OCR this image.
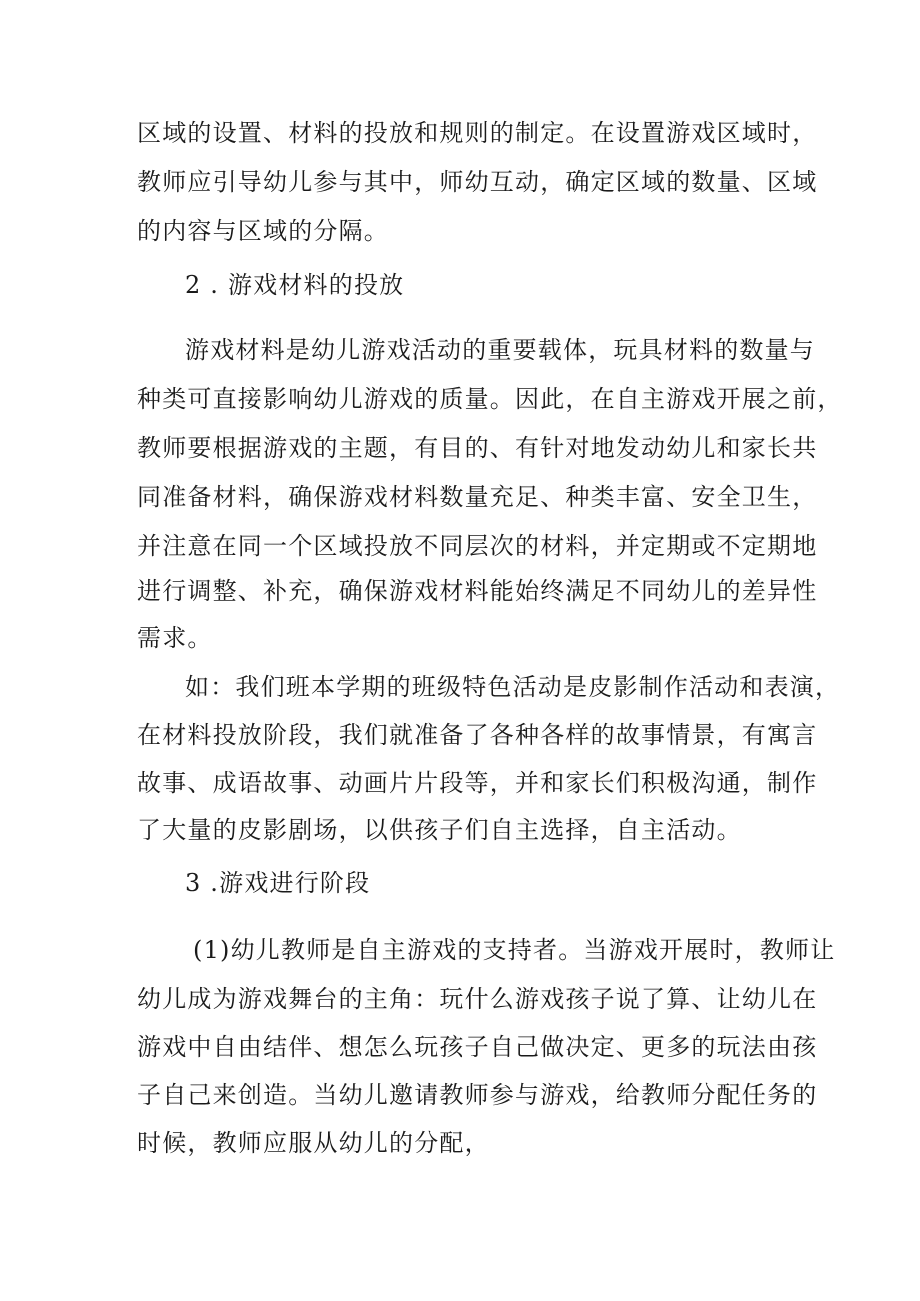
区域的设置、材料的投放和规则的制定。在设置游戏区域时，
教师应引导幼儿参与其中，师幼互动，确定区域的数量、区域
的内容与区域的分隔。
2 . 游戏材料的投放
游戏材料是幼儿游戏活动的重要载体，玩具材料的数量与
种类可直接影响幼儿游戏的质量。因此，在自主游戏开展之前，
教师要根据游戏的主题，有目的、有针对地发动幼儿和家长共
同准备材料，确保游戏材料数量充足、种类丰富、安全卫生，
并注意在同一个区域投放不同层次的材料，并定期或不定期地
进行调整、补充，确保游戏材料能始终满足不同幼儿的差异性
需求。
如：我们班本学期的班级特色活动是皮影制作活动和表演，
在材料投放阶段，我们就准备了各种各样的故事情景，有寓言
故事、成语故事、动画片片段等，并和家长们积极沟通，制作
了大量的皮影剧场，以供孩子们自主选择，自主活动。
3 .游戏进行阶段
(1)幼儿教师是自主游戏的支持者。当游戏开展时，教师让
幼儿成为游戏舞台的主角：玩什么游戏孩子说了算、让幼儿在
游戏中自由结伴、想怎么玩孩子自己做决定、更多的玩法由孩
子自己来创造。当幼儿邀请教师参与游戏，给教师分配任务的
时候，教师应服从幼儿的分配，
